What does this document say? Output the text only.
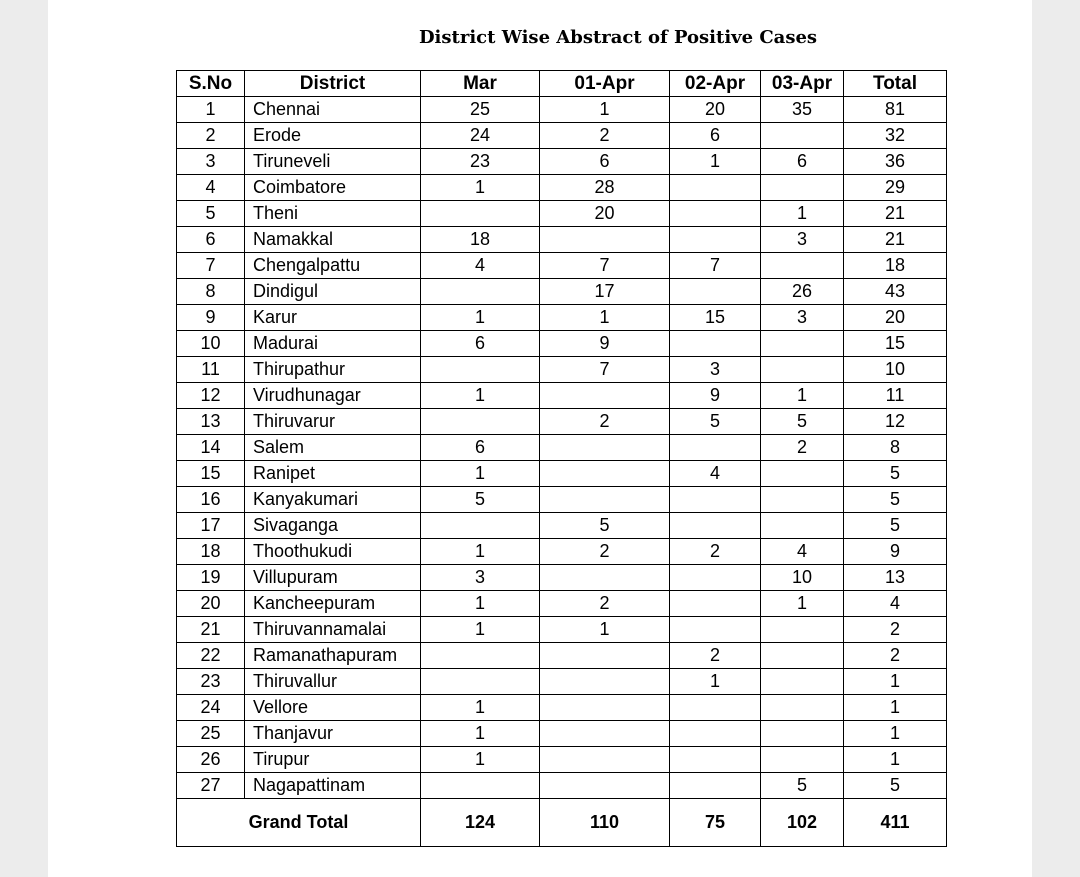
District Wise Abstract of Positive Cases
S.No	District	Mar	01-Apr	02-Apr	03-Apr	Total
1	Chennai	25	1	20	35	81
2	Erode	24	2	6		32
3	Tiruneveli	23	6	1	6	36
4	Coimbatore	1	28			29
5	Theni		20		1	21
6	Namakkal	18			3	21
7	Chengalpattu	4	7	7		18
8	Dindigul		17		26	43
9	Karur	1	1	15	3	20
10	Madurai	6	9			15
11	Thirupathur		7	3		10
12	Virudhunagar	1		9	1	11
13	Thiruvarur		2	5	5	12
14	Salem	6			2	8
15	Ranipet	1		4		5
16	Kanyakumari	5				5
17	Sivaganga		5			5
18	Thoothukudi	1	2	2	4	9
19	Villupuram	3			10	13
20	Kancheepuram	1	2		1	4
21	Thiruvannamalai	1	1			2
22	Ramanathapuram			2		2
23	Thiruvallur			1		1
24	Vellore	1				1
25	Thanjavur	1				1
26	Tirupur	1				1
27	Nagapattinam				5	5
Grand Total		124	110	75	102	411
